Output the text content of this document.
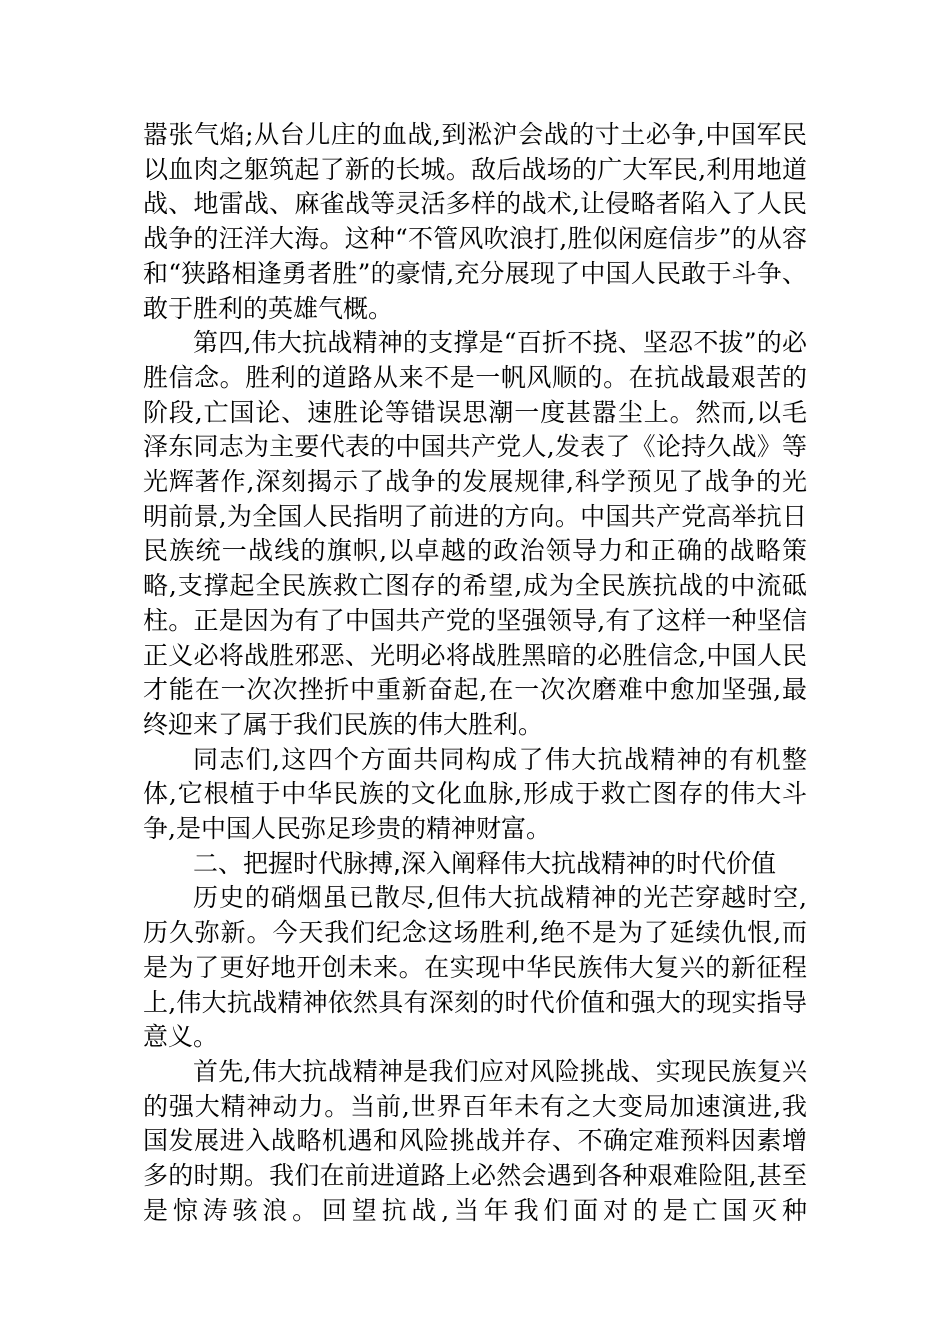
嚣张气焰;从台儿庄的血战,到淞沪会战的寸土必争,中国军民以血肉之躯筑起了新的长城。敌后战场的广大军民,利用地道战、地雷战、麻雀战等灵活多样的战术,让侵略者陷入了人民战争的汪洋大海。这种“不管风吹浪打,胜似闲庭信步”的从容和“狭路相逢勇者胜”的豪情,充分展现了中国人民敢于斗争、敢于胜利的英雄气概。

第四,伟大抗战精神的支撑是“百折不挠、坚忍不拔”的必胜信念。胜利的道路从来不是一帆风顺的。在抗战最艰苦的阶段,亡国论、速胜论等错误思潮一度甚嚣尘上。然而,以毛泽东同志为主要代表的中国共产党人,发表了《论持久战》等光辉著作,深刻揭示了战争的发展规律,科学预见了战争的光明前景,为全国人民指明了前进的方向。中国共产党高举抗日民族统一战线的旗帜,以卓越的政治领导力和正确的战略策略,支撑起全民族救亡图存的希望,成为全民族抗战的中流砥柱。正是因为有了中国共产党的坚强领导,有了这样一种坚信正义必将战胜邪恶、光明必将战胜黑暗的必胜信念,中国人民才能在一次次挫折中重新奋起,在一次次磨难中愈加坚强,最终迎来了属于我们民族的伟大胜利。

同志们,这四个方面共同构成了伟大抗战精神的有机整体,它根植于中华民族的文化血脉,形成于救亡图存的伟大斗争,是中国人民弥足珍贵的精神财富。

二、把握时代脉搏,深入阐释伟大抗战精神的时代价值

历史的硝烟虽已散尽,但伟大抗战精神的光芒穿越时空,历久弥新。今天我们纪念这场胜利,绝不是为了延续仇恨,而是为了更好地开创未来。在实现中华民族伟大复兴的新征程上,伟大抗战精神依然具有深刻的时代价值和强大的现实指导意义。

首先,伟大抗战精神是我们应对风险挑战、实现民族复兴的强大精神动力。当前,世界百年未有之大变局加速演进,我国发展进入战略机遇和风险挑战并存、不确定难预料因素增多的时期。我们在前进道路上必然会遇到各种艰难险阻,甚至是惊涛骇浪。回望抗战,当年我们面对的是亡国灭种
